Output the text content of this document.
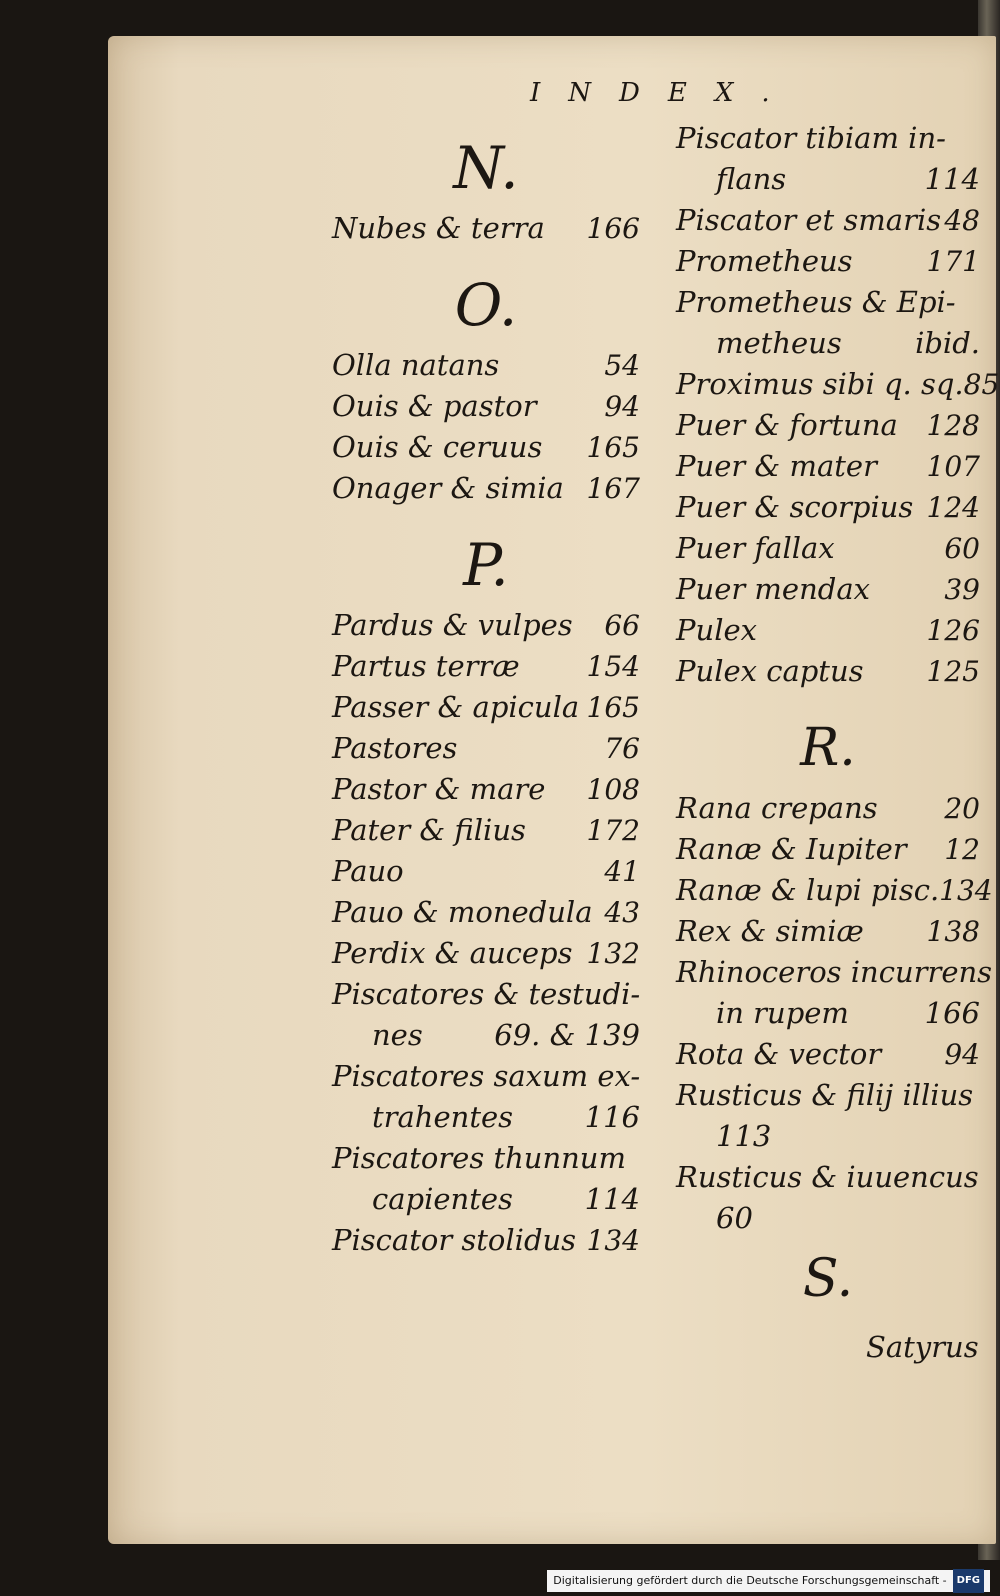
INDEX.
N.
Nubes & terra 166
O.
Olla natans	54
Ouis & pastor 94
Ouis & ceruus 165
Onager & simia 167
P.
Pardus & vulpes 66
Partus terræ 154
Passer & apicula 165
Pastores	76
Pastor & mare 108
Pater & filius 172
Pauo	41
Pauo & monedula 43
Perdix & auceps 132
Piscatores & testudi-
nes 69. & 139
Piscatores saxum ex-
trahentes 116
Piscatores thunnum
capientes 114
Piscator stolidus 134
Piscator tibiam in-
flans	114
Piscator et smaris 48
Prometheus	171
Prometheus & Epi-
metheus	ibid.
Proximus sibi q. sq. 85
Puer & fortuna 128
Puer & mater 107
Puer & scorpius 124
Puer fallax	60
Puer mendax	39
Pulex	126
Pulex captus 125
R.
Rana crepans 20
Ranæ & Iupiter 12
Ranæ & lupi pisc. 134
Rex & simiæ 138
Rhinoceros incurrens
in rupem	166
Rota & vector 94
Rusticus & filij illius
113
Rusticus & iuuencus
60
S.
Satyrus
Digitalisierung gefördert durch die Deutsche Forschungsgemeinschaft -	DFG
